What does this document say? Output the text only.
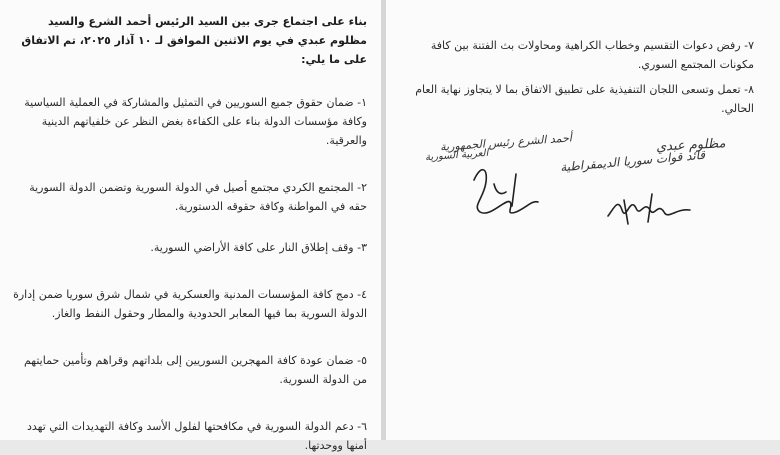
بناء على اجتماع جرى بين السيد الرئيس أحمد الشرع والسيد مظلوم عبدي في يوم الاثنين الموافق لـ ١٠ آذار ٢٠٢٥، تم الاتفاق على ما يلي:

١- ضمان حقوق جميع السوريين في التمثيل والمشاركة في العملية السياسية وكافة مؤسسات الدولة بناء على الكفاءة بغض النظر عن خلفياتهم الدينية والعرقية.

٢- المجتمع الكردي مجتمع أصيل في الدولة السورية وتضمن الدولة السورية حقه في المواطنة وكافة حقوقه الدستورية.

٣- وقف إطلاق النار على كافة الأراضي السورية.

٤- دمج كافة المؤسسات المدنية والعسكرية في شمال شرق سوريا ضمن إدارة الدولة السورية بما فيها المعابر الحدودية والمطار وحقول النفط والغاز.

٥- ضمان عودة كافة المهجرين السوريين إلى بلداتهم وقراهم وتأمين حمايتهم من الدولة السورية.

٦- دعم الدولة السورية في مكافحتها لفلول الأسد وكافة التهديدات التي تهدد أمنها ووحدتها.

٧- رفض دعوات التقسيم وخطاب الكراهية ومحاولات بث الفتنة بين كافة مكونات المجتمع السوري.

٨- تعمل وتسعى اللجان التنفيذية على تطبيق الاتفاق بما لا يتجاوز نهاية العام الحالي.

أحمد الشرع رئيس الجمهورية
العربية السورية
مظلوم عبدي
قائد قوات سوريا الديمقراطية
